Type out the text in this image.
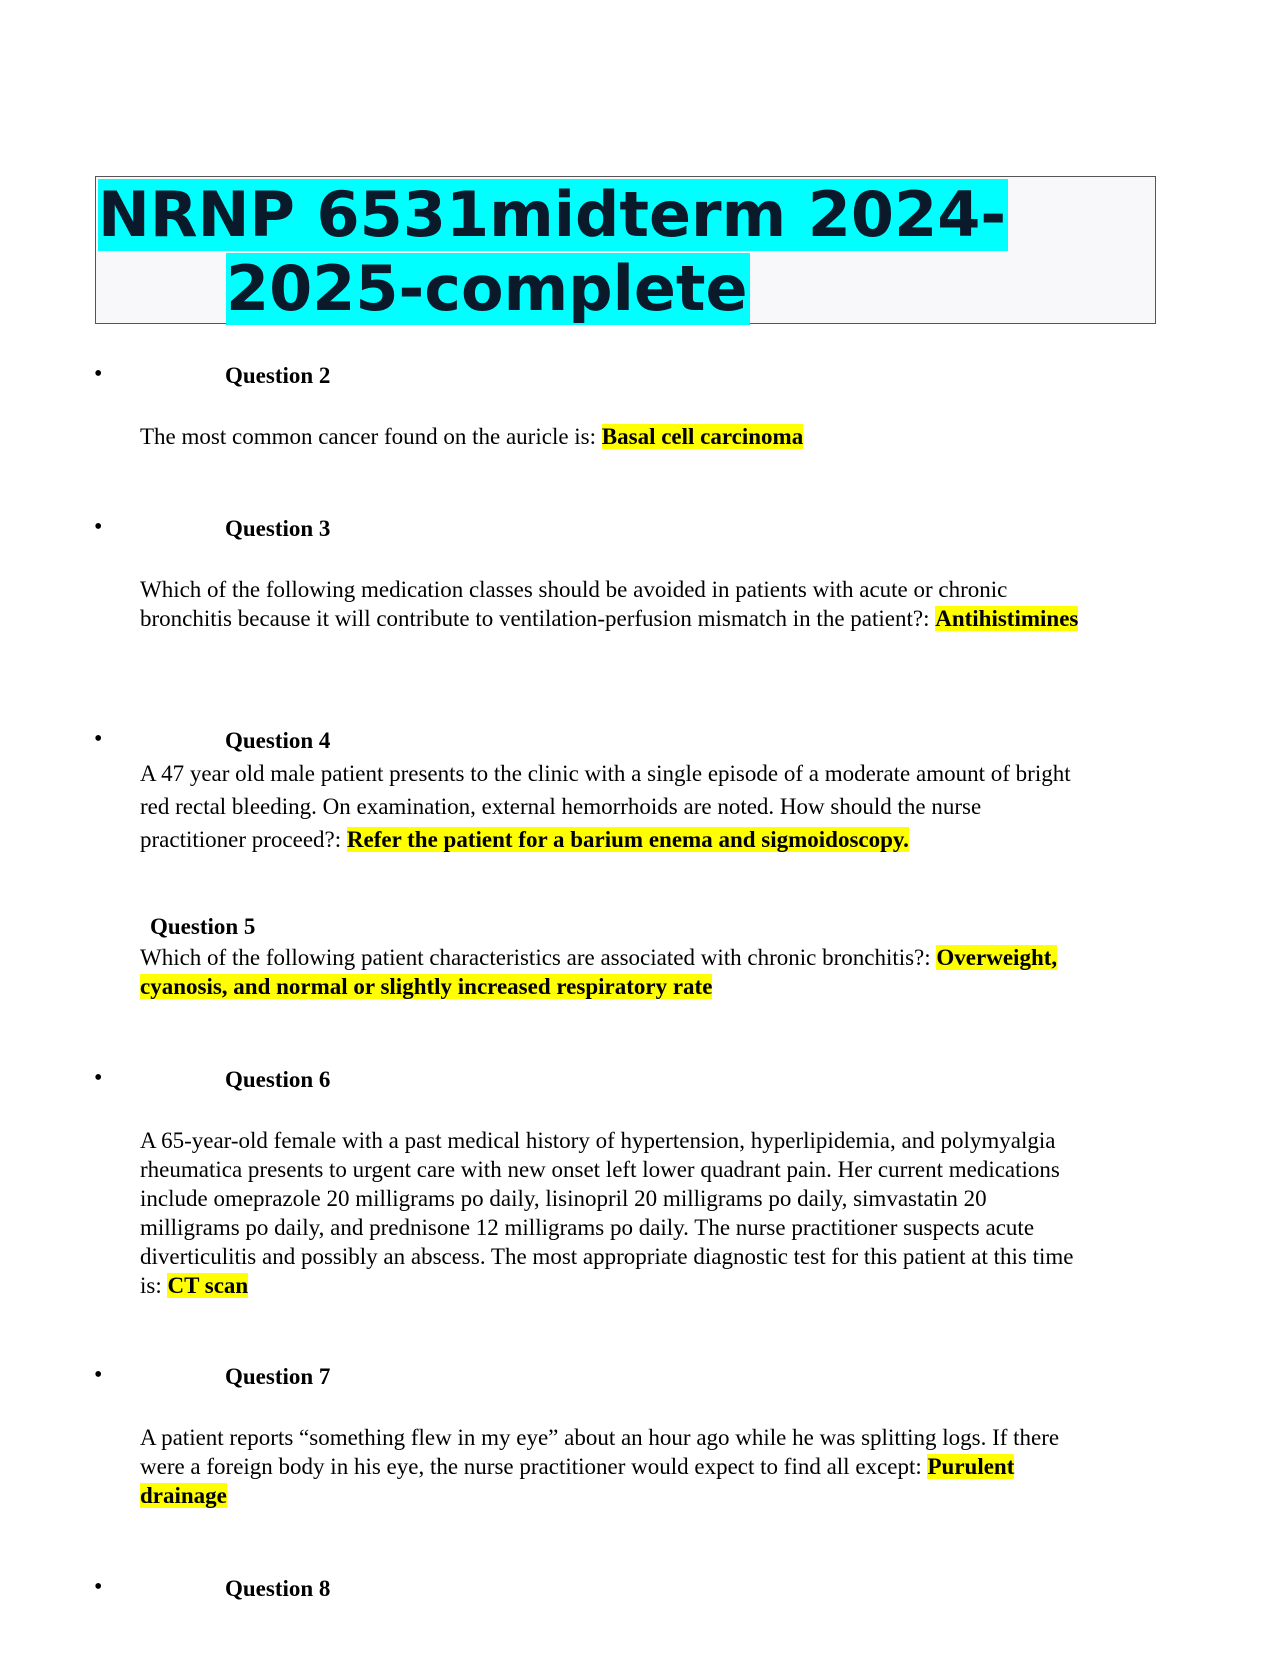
NRNP 6531midterm 2024-
2025-complete
•	Question 2
The most common cancer found on the auricle is: Basal cell carcinoma
•	Question 3
Which of the following medication classes should be avoided in patients with acute or chronic bronchitis because it will contribute to ventilation-perfusion mismatch in the patient?: Antihistimines
•	Question 4
A 47 year old male patient presents to the clinic with a single episode of a moderate amount of bright red rectal bleeding. On examination, external hemorrhoids are noted. How should the nurse practitioner proceed?: Refer the patient for a barium enema and sigmoidoscopy.
Question 5
Which of the following patient characteristics are associated with chronic bronchitis?: Overweight, cyanosis, and normal or slightly increased respiratory rate
•	Question 6
A 65-year-old female with a past medical history of hypertension, hyperlipidemia, and polymyalgia rheumatica presents to urgent care with new onset left lower quadrant pain. Her current medications include omeprazole 20 milligrams po daily, lisinopril 20 milligrams po daily, simvastatin 20 milligrams po daily, and prednisone 12 milligrams po daily. The nurse practitioner suspects acute diverticulitis and possibly an abscess. The most appropriate diagnostic test for this patient at this time is: CT scan
•	Question 7
A patient reports “something flew in my eye” about an hour ago while he was splitting logs. If there were a foreign body in his eye, the nurse practitioner would expect to find all except: Purulent drainage
•	Question 8
